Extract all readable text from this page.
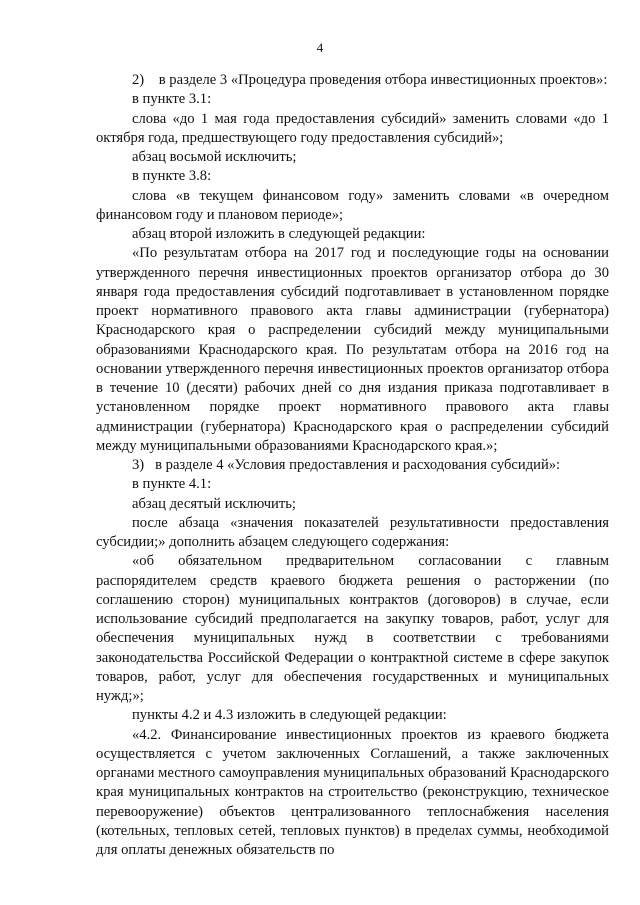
4

2)    в разделе 3 «Процедура проведения отбора инвестиционных проектов»:

в пункте 3.1:

слова «до 1 мая года предоставления субсидий» заменить словами «до 1 октября года, предшествующего году предоставления субсидий»;

абзац восьмой исключить;

в пункте 3.8:

слова «в текущем финансовом году» заменить словами «в очередном финансовом году и плановом периоде»;

абзац второй изложить в следующей редакции:

«По результатам отбора на 2017 год и последующие годы на основании утвержденного перечня инвестиционных проектов организатор отбора до 30 января года предоставления субсидий подготавливает в установленном порядке проект нормативного правового акта главы администрации (губернатора) Краснодарского края о распределении субсидий между муниципальными образованиями Краснодарского края. По результатам отбора на 2016 год на основании утвержденного перечня инвестиционных проектов организатор отбора в течение 10 (десяти) рабочих дней со дня издания приказа подготавливает в установленном порядке проект нормативного правового акта главы администрации (губернатора) Краснодарского края о распределении субсидий между муниципальными образованиями Краснодарского края.»;

3)   в разделе 4 «Условия предоставления и расходования субсидий»:

в пункте 4.1:

абзац десятый исключить;

после абзаца «значения показателей результативности предоставления субсидии;» дополнить абзацем следующего содержания:

«об обязательном предварительном согласовании с главным распорядителем средств краевого бюджета решения о расторжении (по соглашению сторон) муниципальных контрактов (договоров) в случае, если использование субсидий предполагается на закупку товаров, работ, услуг для обеспечения муниципальных нужд в соответствии с требованиями законодательства Российской Федерации о контрактной системе в сфере закупок товаров, работ, услуг для обеспечения государственных и муниципальных нужд;»;

пункты 4.2 и 4.3 изложить в следующей редакции:

«4.2. Финансирование инвестиционных проектов из краевого бюджета осуществляется с учетом заключенных Соглашений, а также заключенных органами местного самоуправления муниципальных образований Краснодарского края муниципальных контрактов на строительство (реконструкцию, техническое перевооружение) объектов централизованного теплоснабжения населения (котельных, тепловых сетей, тепловых пунктов) в пределах суммы, необходимой для оплаты денежных обязательств по
